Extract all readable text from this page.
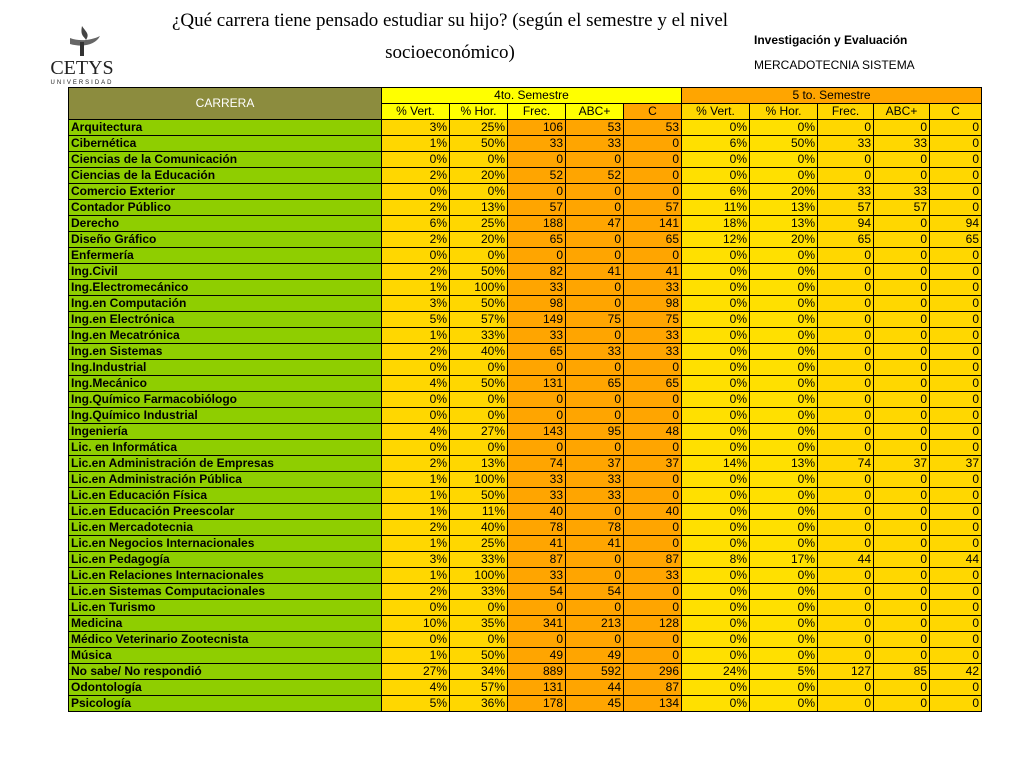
¿Qué carrera tiene pensado estudiar su hijo? (según el semestre y el nivel
socioeconómico)
CETYS
UNIVERSIDAD
Investigación y Evaluación
MERCADOTECNIA SISTEMA
CARRERA	4to. Semestre					5 to. Semestre				
	% Vert.	% Hor.	Frec.	ABC+	C	% Vert.	% Hor.	Frec.	ABC+	C
Arquitectura	3%	25%	106	53	53	0%	0%	0	0	0
Cibernética	1%	50%	33	33	0	6%	50%	33	33	0
Ciencias de la Comunicación	0%	0%	0	0	0	0%	0%	0	0	0
Ciencias de la Educación	2%	20%	52	52	0	0%	0%	0	0	0
Comercio Exterior	0%	0%	0	0	0	6%	20%	33	33	0
Contador Público	2%	13%	57	0	57	11%	13%	57	57	0
Derecho	6%	25%	188	47	141	18%	13%	94	0	94
Diseño Gráfico	2%	20%	65	0	65	12%	20%	65	0	65
Enfermería	0%	0%	0	0	0	0%	0%	0	0	0
Ing.Civil	2%	50%	82	41	41	0%	0%	0	0	0
Ing.Electromecánico	1%	100%	33	0	33	0%	0%	0	0	0
Ing.en Computación	3%	50%	98	0	98	0%	0%	0	0	0
Ing.en Electrónica	5%	57%	149	75	75	0%	0%	0	0	0
Ing.en Mecatrónica	1%	33%	33	0	33	0%	0%	0	0	0
Ing.en Sistemas	2%	40%	65	33	33	0%	0%	0	0	0
Ing.Industrial	0%	0%	0	0	0	0%	0%	0	0	0
Ing.Mecánico	4%	50%	131	65	65	0%	0%	0	0	0
Ing.Químico Farmacobiólogo	0%	0%	0	0	0	0%	0%	0	0	0
Ing.Químico Industrial	0%	0%	0	0	0	0%	0%	0	0	0
Ingeniería	4%	27%	143	95	48	0%	0%	0	0	0
Lic. en Informática	0%	0%	0	0	0	0%	0%	0	0	0
Lic.en Administración de Empresas	2%	13%	74	37	37	14%	13%	74	37	37
Lic.en Administración Pública	1%	100%	33	33	0	0%	0%	0	0	0
Lic.en Educación Física	1%	50%	33	33	0	0%	0%	0	0	0
Lic.en Educación Preescolar	1%	11%	40	0	40	0%	0%	0	0	0
Lic.en Mercadotecnia	2%	40%	78	78	0	0%	0%	0	0	0
Lic.en Negocios Internacionales	1%	25%	41	41	0	0%	0%	0	0	0
Lic.en Pedagogía	3%	33%	87	0	87	8%	17%	44	0	44
Lic.en Relaciones Internacionales	1%	100%	33	0	33	0%	0%	0	0	0
Lic.en Sistemas Computacionales	2%	33%	54	54	0	0%	0%	0	0	0
Lic.en Turismo	0%	0%	0	0	0	0%	0%	0	0	0
Medicina	10%	35%	341	213	128	0%	0%	0	0	0
Médico Veterinario Zootecnista	0%	0%	0	0	0	0%	0%	0	0	0
Música	1%	50%	49	49	0	0%	0%	0	0	0
No sabe/ No respondió	27%	34%	889	592	296	24%	5%	127	85	42
Odontología	4%	57%	131	44	87	0%	0%	0	0	0
Psicología	5%	36%	178	45	134	0%	0%	0	0	0
